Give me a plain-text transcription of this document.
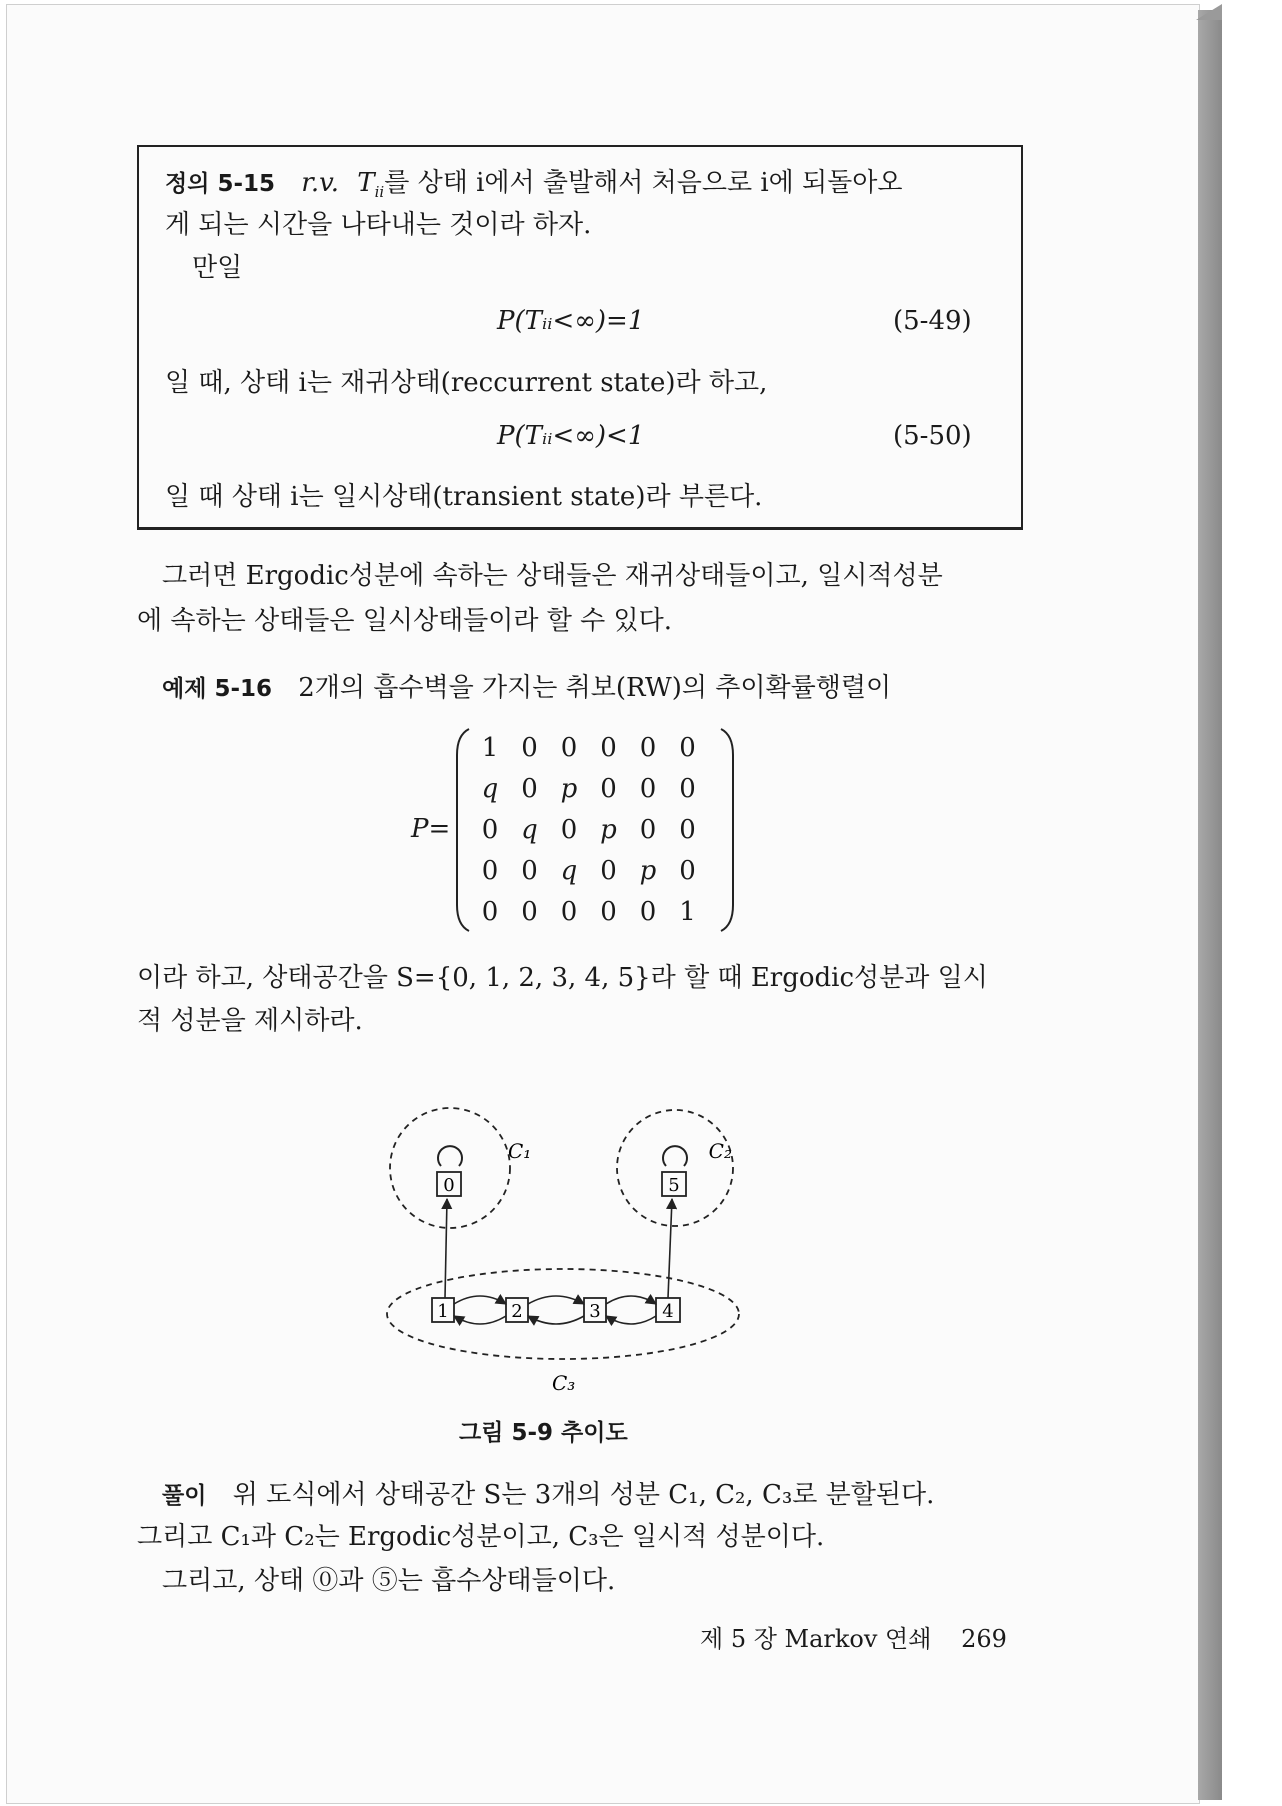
정의 5-15 r.v. $T_{ii}$를 상태 i에서 출발해서 처음으로 i에 되돌아오
게 되는 시간을 나타내는 것이라 하자.
만일
P(Tᵢᵢ<∞)=1	(5-49)
일 때, 상태 i는 재귀상태(reccurrent state)라 하고,
P(Tᵢᵢ<∞)<1	(5-50)
일 때 상태 i는 일시상태(transient state)라 부른다.
그러면 Ergodic성분에 속하는 상태들은 재귀상태들이고, 일시적성분
에 속하는 상태들은 일시상태들이라 할 수 있다.
예제 5-16 2개의 흡수벽을 가지는 취보(RW)의 추이확률행렬이
P=
1 0 0 0 0 0
q 0 p 0 0 0
0 q 0 p 0 0
0 0 q 0 p 0
0 0 0 0 0 1
이라 하고, 상태공간을 S={0, 1, 2, 3, 4, 5}라 할 때 Ergodic성분과 일시
적 성분을 제시하라.
0	5
1	2	3	4
C₁	C₂
C₃
그림 5-9 추이도
풀이 위 도식에서 상태공간 S는 3개의 성분 C₁, C₂, C₃로 분할된다.
그리고 C₁과 C₂는 Ergodic성분이고, C₃은 일시적 성분이다.
그리고, 상태 ⓪과 ⑤는 흡수상태들이다.
제 5 장 Markov 연쇄 269
